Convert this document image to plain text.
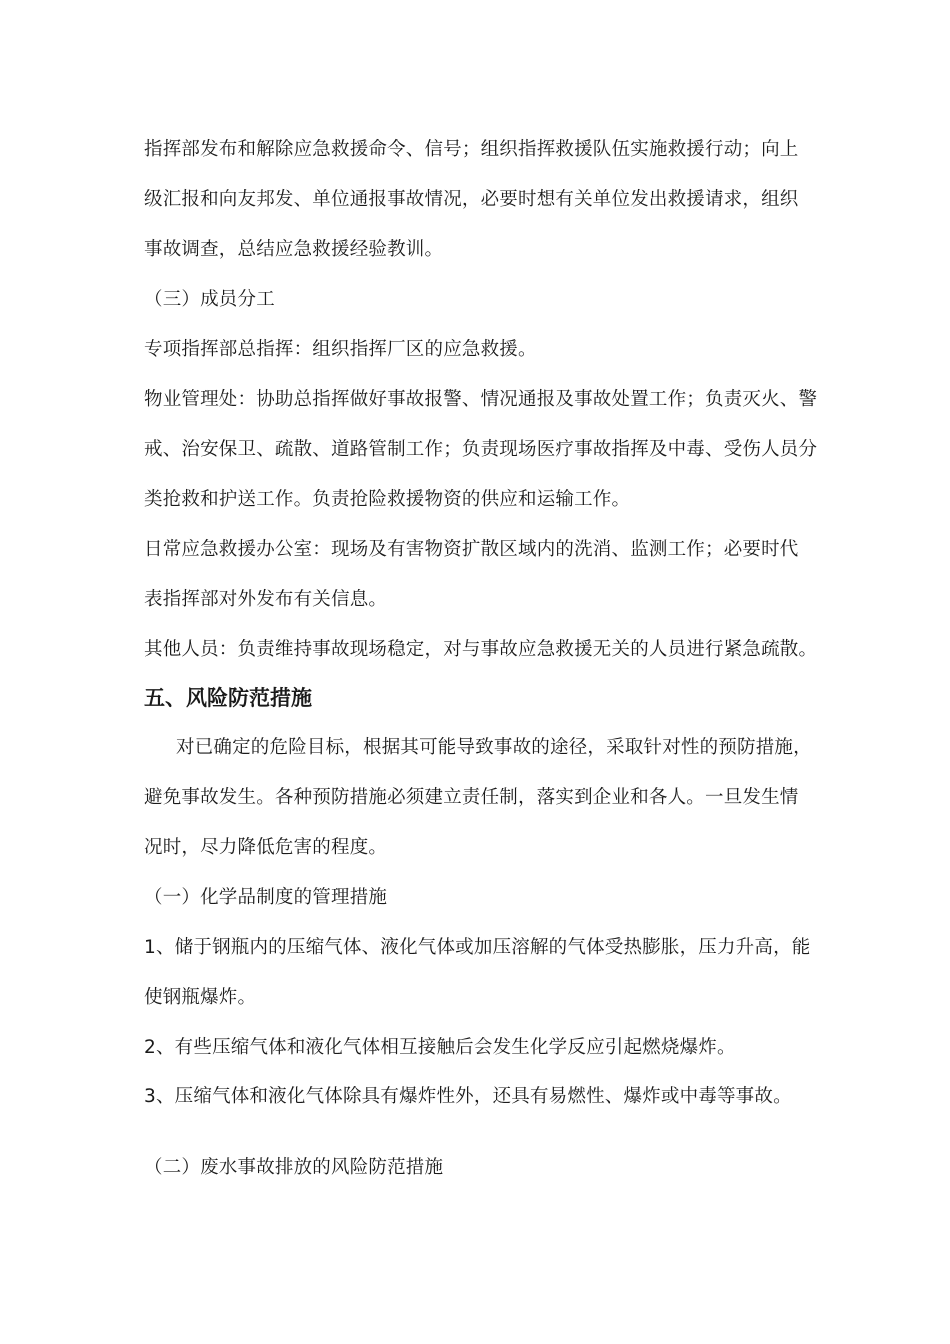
指挥部发布和解除应急救援命令、信号；组织指挥救援队伍实施救援行动；向上
级汇报和向友邦发、单位通报事故情况，必要时想有关单位发出救援请求，组织
事故调查，总结应急救援经验教训。
（三）成员分工
专项指挥部总指挥：组织指挥厂区的应急救援。
物业管理处：协助总指挥做好事故报警、情况通报及事故处置工作；负责灭火、警
戒、治安保卫、疏散、道路管制工作；负责现场医疗事故指挥及中毒、受伤人员分
类抢救和护送工作。负责抢险救援物资的供应和运输工作。
日常应急救援办公室：现场及有害物资扩散区域内的洗消、监测工作；必要时代
表指挥部对外发布有关信息。
其他人员：负责维持事故现场稳定，对与事故应急救援无关的人员进行紧急疏散。
五、风险防范措施
对已确定的危险目标，根据其可能导致事故的途径，采取针对性的预防措施，
避免事故发生。各种预防措施必须建立责任制，落实到企业和各人。一旦发生情
况时，尽力降低危害的程度。
（一）化学品制度的管理措施
1、储于钢瓶内的压缩气体、液化气体或加压溶解的气体受热膨胀，压力升高，能
使钢瓶爆炸。
2、有些压缩气体和液化气体相互接触后会发生化学反应引起燃烧爆炸。
3、压缩气体和液化气体除具有爆炸性外，还具有易燃性、爆炸或中毒等事故。
（二）废水事故排放的风险防范措施
